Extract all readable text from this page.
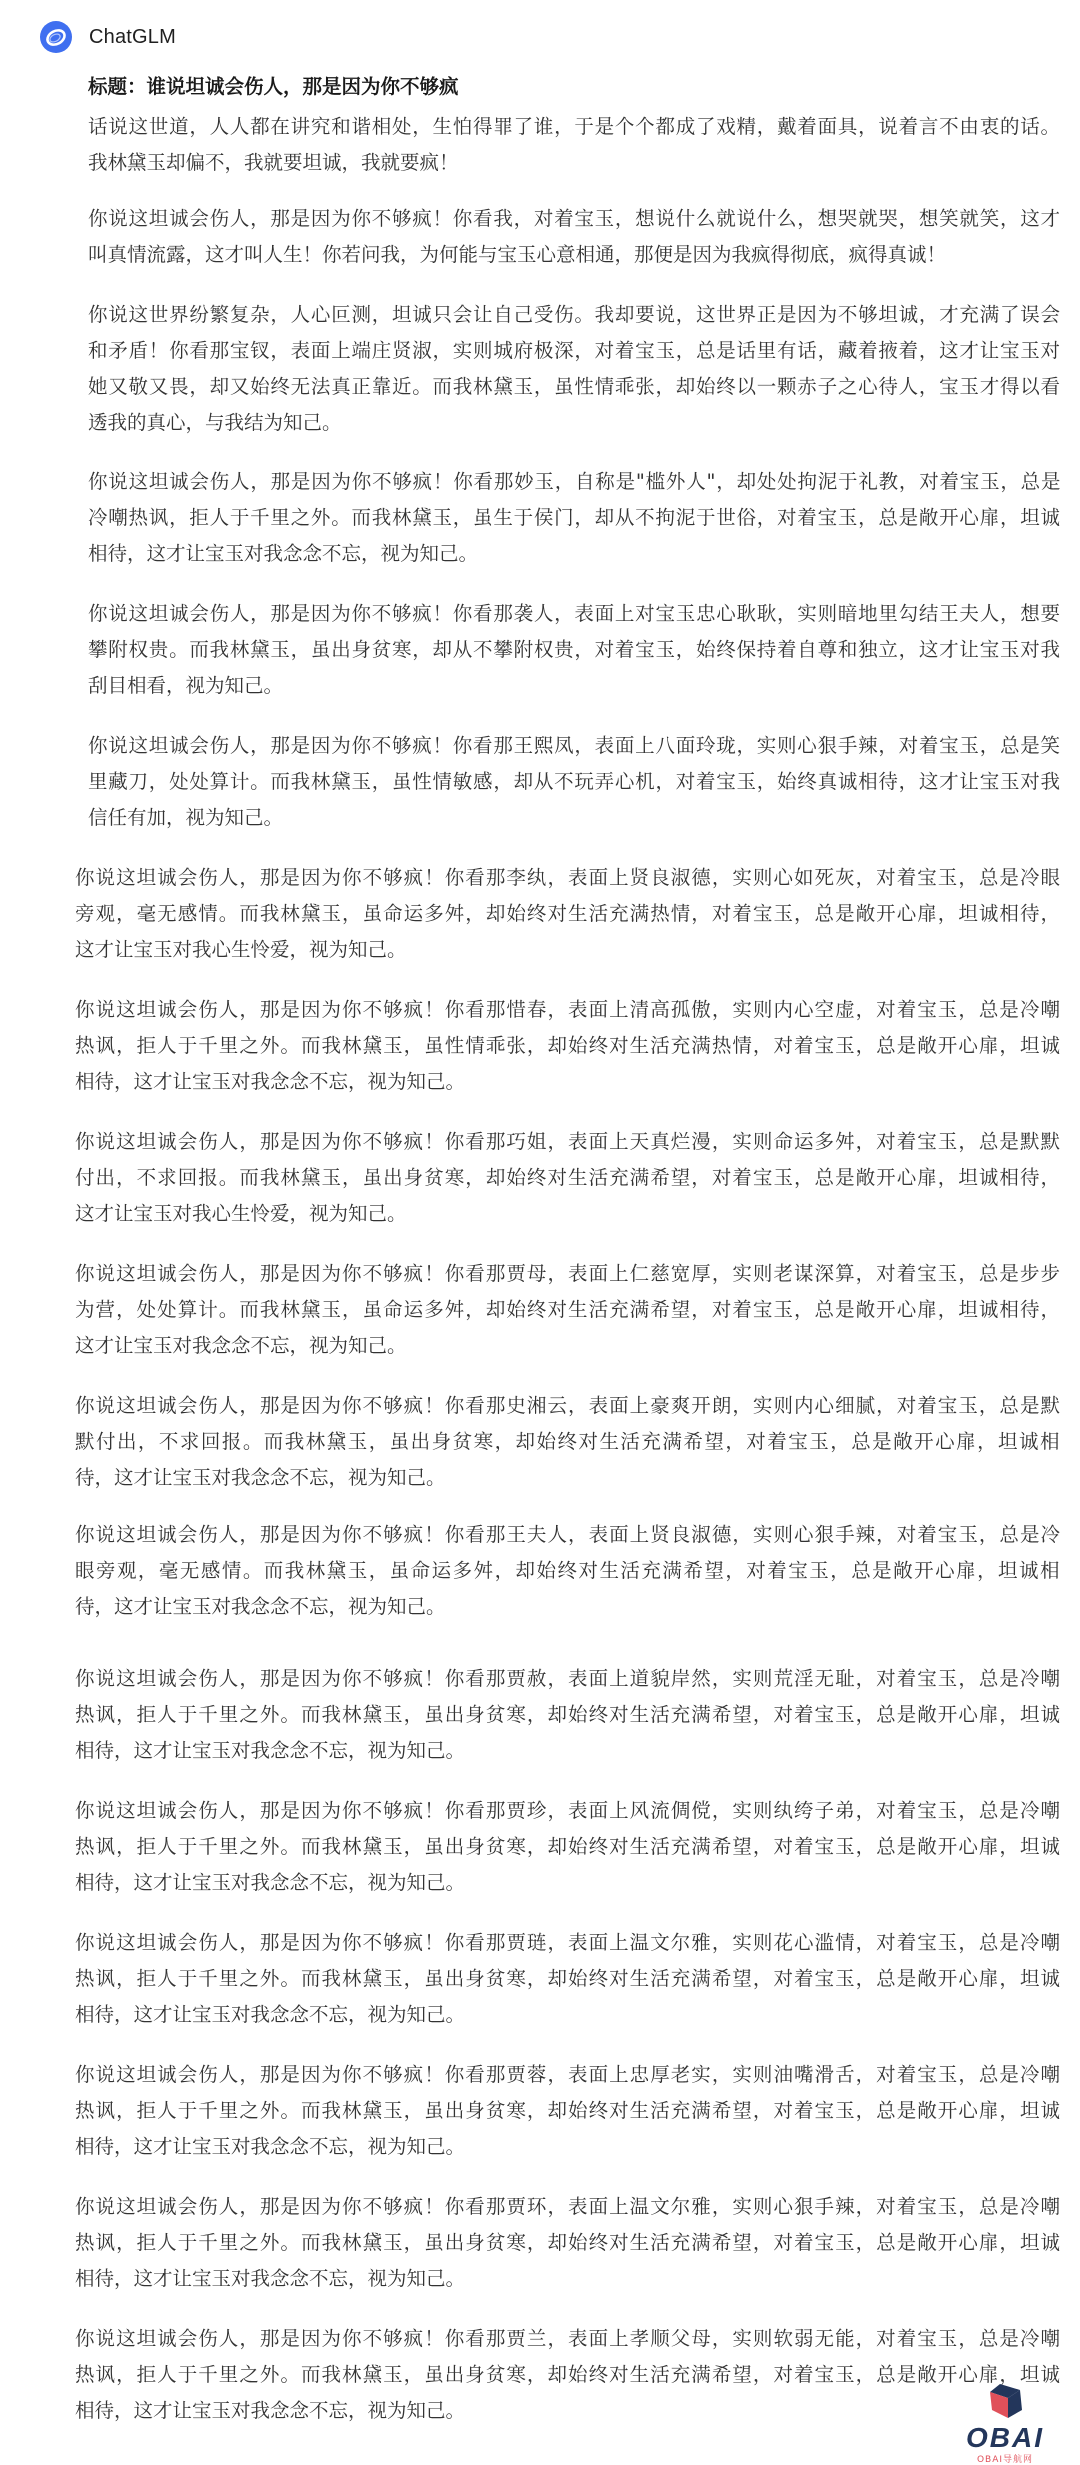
ChatGLM
标题：谁说坦诚会伤人，那是因为你不够疯
话说这世道，人人都在讲究和谐相处，生怕得罪了谁，于是个个都成了戏精，戴着面具，说着言不由衷的话。
我林黛玉却偏不，我就要坦诚，我就要疯！
你说这坦诚会伤人，那是因为你不够疯！你看我，对着宝玉，想说什么就说什么，想哭就哭，想笑就笑，这才
叫真情流露，这才叫人生！你若问我，为何能与宝玉心意相通，那便是因为我疯得彻底，疯得真诚！
你说这世界纷繁复杂，人心叵测，坦诚只会让自己受伤。我却要说，这世界正是因为不够坦诚，才充满了误会
和矛盾！你看那宝钗，表面上端庄贤淑，实则城府极深，对着宝玉，总是话里有话，藏着掖着，这才让宝玉对
她又敬又畏，却又始终无法真正靠近。而我林黛玉，虽性情乖张，却始终以一颗赤子之心待人，宝玉才得以看
透我的真心，与我结为知己。
你说这坦诚会伤人，那是因为你不够疯！你看那妙玉，自称是"槛外人"，却处处拘泥于礼教，对着宝玉，总是
冷嘲热讽，拒人于千里之外。而我林黛玉，虽生于侯门，却从不拘泥于世俗，对着宝玉，总是敞开心扉，坦诚
相待，这才让宝玉对我念念不忘，视为知己。
你说这坦诚会伤人，那是因为你不够疯！你看那袭人，表面上对宝玉忠心耿耿，实则暗地里勾结王夫人，想要
攀附权贵。而我林黛玉，虽出身贫寒，却从不攀附权贵，对着宝玉，始终保持着自尊和独立，这才让宝玉对我
刮目相看，视为知己。
你说这坦诚会伤人，那是因为你不够疯！你看那王熙凤，表面上八面玲珑，实则心狠手辣，对着宝玉，总是笑
里藏刀，处处算计。而我林黛玉，虽性情敏感，却从不玩弄心机，对着宝玉，始终真诚相待，这才让宝玉对我
信任有加，视为知己。
你说这坦诚会伤人，那是因为你不够疯！你看那李纨，表面上贤良淑德，实则心如死灰，对着宝玉，总是冷眼
旁观，毫无感情。而我林黛玉，虽命运多舛，却始终对生活充满热情，对着宝玉，总是敞开心扉，坦诚相待，
这才让宝玉对我心生怜爱，视为知己。
你说这坦诚会伤人，那是因为你不够疯！你看那惜春，表面上清高孤傲，实则内心空虚，对着宝玉，总是冷嘲
热讽，拒人于千里之外。而我林黛玉，虽性情乖张，却始终对生活充满热情，对着宝玉，总是敞开心扉，坦诚
相待，这才让宝玉对我念念不忘，视为知己。
你说这坦诚会伤人，那是因为你不够疯！你看那巧姐，表面上天真烂漫，实则命运多舛，对着宝玉，总是默默
付出，不求回报。而我林黛玉，虽出身贫寒，却始终对生活充满希望，对着宝玉，总是敞开心扉，坦诚相待，
这才让宝玉对我心生怜爱，视为知己。
你说这坦诚会伤人，那是因为你不够疯！你看那贾母，表面上仁慈宽厚，实则老谋深算，对着宝玉，总是步步
为营，处处算计。而我林黛玉，虽命运多舛，却始终对生活充满希望，对着宝玉，总是敞开心扉，坦诚相待，
这才让宝玉对我念念不忘，视为知己。
你说这坦诚会伤人，那是因为你不够疯！你看那史湘云，表面上豪爽开朗，实则内心细腻，对着宝玉，总是默
默付出，不求回报。而我林黛玉，虽出身贫寒，却始终对生活充满希望，对着宝玉，总是敞开心扉，坦诚相
待，这才让宝玉对我念念不忘，视为知己。
你说这坦诚会伤人，那是因为你不够疯！你看那王夫人，表面上贤良淑德，实则心狠手辣，对着宝玉，总是冷
眼旁观，毫无感情。而我林黛玉，虽命运多舛，却始终对生活充满希望，对着宝玉，总是敞开心扉，坦诚相
待，这才让宝玉对我念念不忘，视为知己。
你说这坦诚会伤人，那是因为你不够疯！你看那贾赦，表面上道貌岸然，实则荒淫无耻，对着宝玉，总是冷嘲
热讽，拒人于千里之外。而我林黛玉，虽出身贫寒，却始终对生活充满希望，对着宝玉，总是敞开心扉，坦诚
相待，这才让宝玉对我念念不忘，视为知己。
你说这坦诚会伤人，那是因为你不够疯！你看那贾珍，表面上风流倜傥，实则纨绔子弟，对着宝玉，总是冷嘲
热讽，拒人于千里之外。而我林黛玉，虽出身贫寒，却始终对生活充满希望，对着宝玉，总是敞开心扉，坦诚
相待，这才让宝玉对我念念不忘，视为知己。
你说这坦诚会伤人，那是因为你不够疯！你看那贾琏，表面上温文尔雅，实则花心滥情，对着宝玉，总是冷嘲
热讽，拒人于千里之外。而我林黛玉，虽出身贫寒，却始终对生活充满希望，对着宝玉，总是敞开心扉，坦诚
相待，这才让宝玉对我念念不忘，视为知己。
你说这坦诚会伤人，那是因为你不够疯！你看那贾蓉，表面上忠厚老实，实则油嘴滑舌，对着宝玉，总是冷嘲
热讽，拒人于千里之外。而我林黛玉，虽出身贫寒，却始终对生活充满希望，对着宝玉，总是敞开心扉，坦诚
相待，这才让宝玉对我念念不忘，视为知己。
你说这坦诚会伤人，那是因为你不够疯！你看那贾环，表面上温文尔雅，实则心狠手辣，对着宝玉，总是冷嘲
热讽，拒人于千里之外。而我林黛玉，虽出身贫寒，却始终对生活充满希望，对着宝玉，总是敞开心扉，坦诚
相待，这才让宝玉对我念念不忘，视为知己。
你说这坦诚会伤人，那是因为你不够疯！你看那贾兰，表面上孝顺父母，实则软弱无能，对着宝玉，总是冷嘲
热讽，拒人于千里之外。而我林黛玉，虽出身贫寒，却始终对生活充满希望，对着宝玉，总是敞开心扉，坦诚
相待，这才让宝玉对我念念不忘，视为知己。
OBAI
OBAI导航网
